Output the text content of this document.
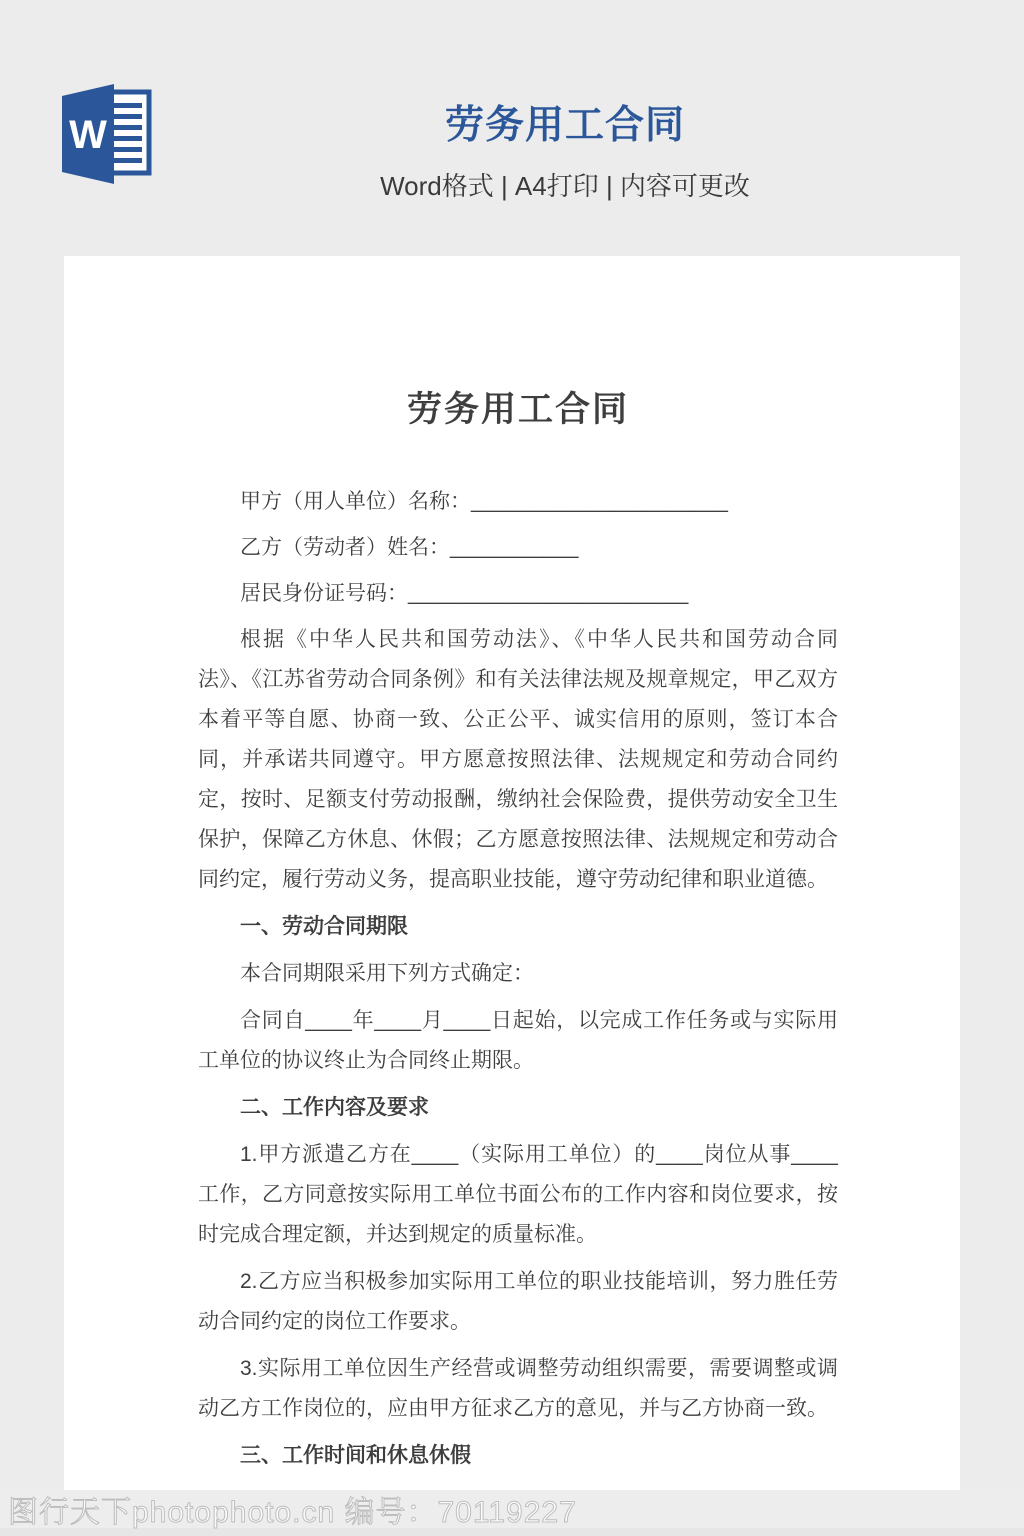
W	劳务用工合同
Word格式 | A4打印 | 内容可更改
劳务用工合同

甲方（用人单位）名称：______________________

乙方（劳动者）姓名：___________

居民身份证号码：________________________

根据《中华人民共和国劳动法》、《中华人民共和国劳动合同法》、《江苏省劳动合同条例》和有关法律法规及规章规定，甲乙双方本着平等自愿、协商一致、公正公平、诚实信用的原则，签订本合同，并承诺共同遵守。甲方愿意按照法律、法规规定和劳动合同约定，按时、足额支付劳动报酬，缴纳社会保险费，提供劳动安全卫生保护，保障乙方休息、休假；乙方愿意按照法律、法规规定和劳动合同约定，履行劳动义务，提高职业技能，遵守劳动纪律和职业道德。

一、劳动合同期限

本合同期限采用下列方式确定：

合同自____年____月____日起始，以完成工作任务或与实际用工单位的协议终止为合同终止期限。

二、工作内容及要求

1.甲方派遣乙方在____（实际用工单位）的____岗位从事____工作，乙方同意按实际用工单位书面公布的工作内容和岗位要求，按时完成合理定额，并达到规定的质量标准。

2.乙方应当积极参加实际用工单位的职业技能培训，努力胜任劳动合同约定的岗位工作要求。

3.实际用工单位因生产经营或调整劳动组织需要，需要调整或调动乙方工作岗位的，应由甲方征求乙方的意见，并与乙方协商一致。

三、工作时间和休息休假

图行天下photophoto.cn 编号：70119227
